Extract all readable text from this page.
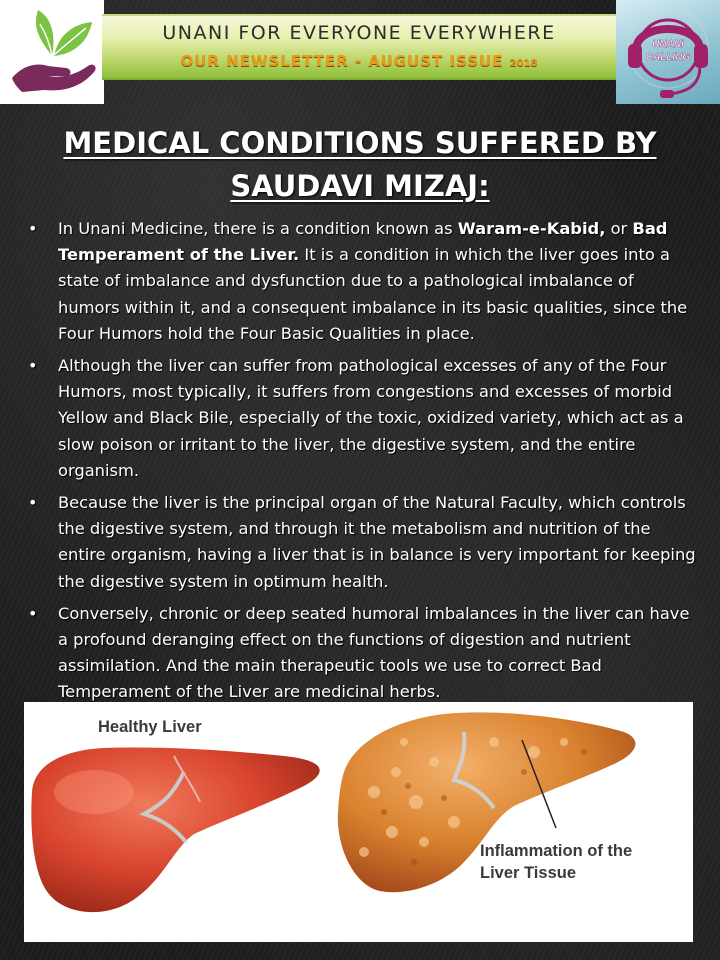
UNANI FOR EVERYONE EVERYWHERE
OUR NEWSLETTER - AUGUST ISSUE 2018
UNANI
CALLING
MEDICAL CONDITIONS SUFFERED BY
SAUDAVI MIZAJ:
• In Unani Medicine, there is a condition known as Waram-e-Kabid, or Bad Temperament of the Liver. It is a condition in which the liver goes into a state of imbalance and dysfunction due to a pathological imbalance of humors within it, and a consequent imbalance in its basic qualities, since the Four Humors hold the Four Basic Qualities in place.
• Although the liver can suffer from pathological excesses of any of the Four Humors, most typically, it suffers from congestions and excesses of morbid Yellow and Black Bile, especially of the toxic, oxidized variety, which act as a slow poison or irritant to the liver, the digestive system, and the entire organism.
• Because the liver is the principal organ of the Natural Faculty, which controls the digestive system, and through it the metabolism and nutrition of the entire organism, having a liver that is in balance is very important for keeping the digestive system in optimum health.
• Conversely, chronic or deep seated humoral imbalances in the liver can have a profound deranging effect on the functions of digestion and nutrient assimilation. And the main therapeutic tools we use to correct Bad Temperament of the Liver are medicinal herbs.
Healthy Liver
Inflammation of the
Liver Tissue
